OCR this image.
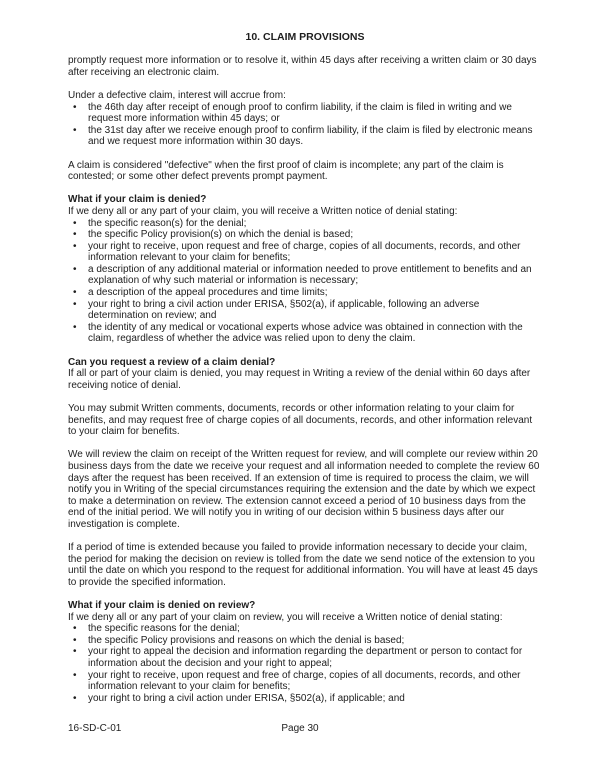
10. CLAIM PROVISIONS
promptly request more information or to resolve it, within 45 days after receiving a written claim or 30 days after receiving an electronic claim.
Under a defective claim, interest will accrue from:
• the 46th day after receipt of enough proof to confirm liability, if the claim is filed in writing and we request more information within 45 days; or
• the 31st day after we receive enough proof to confirm liability, if the claim is filed by electronic means and we request more information within 30 days.
A claim is considered "defective" when the first proof of claim is incomplete; any part of the claim is contested; or some other defect prevents prompt payment.
What if your claim is denied?
If we deny all or any part of your claim, you will receive a Written notice of denial stating:
• the specific reason(s) for the denial;
• the specific Policy provision(s) on which the denial is based;
• your right to receive, upon request and free of charge, copies of all documents, records, and other information relevant to your claim for benefits;
• a description of any additional material or information needed to prove entitlement to benefits and an explanation of why such material or information is necessary;
• a description of the appeal procedures and time limits;
• your right to bring a civil action under ERISA, §502(a), if applicable, following an adverse determination on review; and
• the identity of any medical or vocational experts whose advice was obtained in connection with the claim, regardless of whether the advice was relied upon to deny the claim.
Can you request a review of a claim denial?
If all or part of your claim is denied, you may request in Writing a review of the denial within 60 days after receiving notice of denial.
You may submit Written comments, documents, records or other information relating to your claim for benefits, and may request free of charge copies of all documents, records, and other information relevant to your claim for benefits.
We will review the claim on receipt of the Written request for review, and will complete our review within 20 business days from the date we receive your request and all information needed to complete the review 60 days after the request has been received. If an extension of time is required to process the claim, we will notify you in Writing of the special circumstances requiring the extension and the date by which we expect to make a determination on review. The extension cannot exceed a period of 10 business days from the end of the initial period. We will notify you in writing of our decision within 5 business days after our investigation is complete.
If a period of time is extended because you failed to provide information necessary to decide your claim, the period for making the decision on review is tolled from the date we send notice of the extension to you until the date on which you respond to the request for additional information. You will have at least 45 days to provide the specified information.
What if your claim is denied on review?
If we deny all or any part of your claim on review, you will receive a Written notice of denial stating:
• the specific reasons for the denial;
• the specific Policy provisions and reasons on which the denial is based;
• your right to appeal the decision and information regarding the department or person to contact for information about the decision and your right to appeal;
• your right to receive, upon request and free of charge, copies of all documents, records, and other information relevant to your claim for benefits;
• your right to bring a civil action under ERISA, §502(a), if applicable; and
16-SD-C-01	Page 30
